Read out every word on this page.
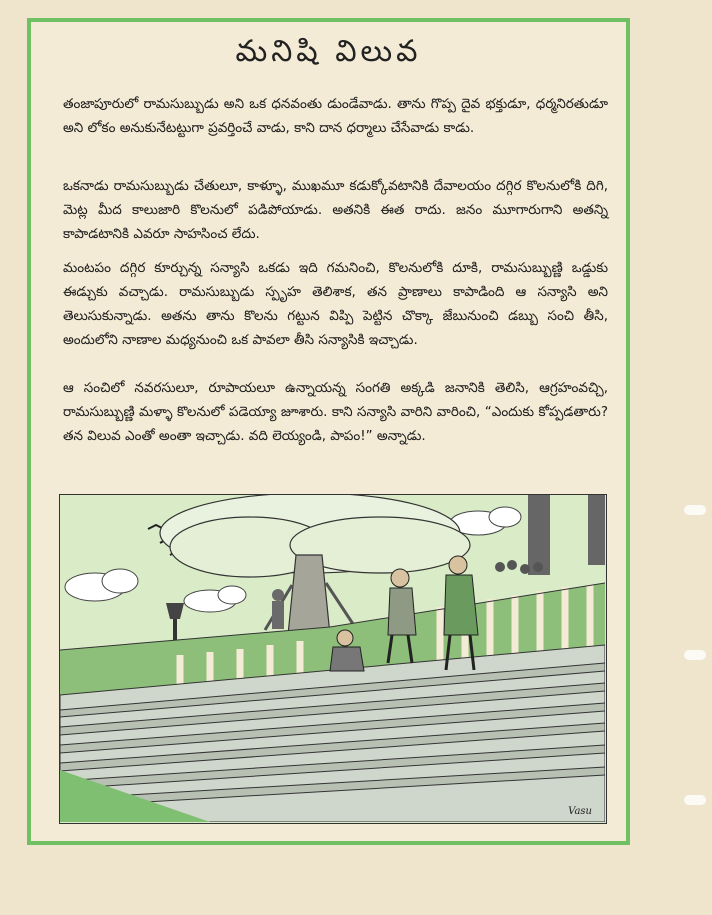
మనిషి విలువ

తంజాపూరులో రామసుబ్బుడు అని ఒక ధనవంతు డుండేవాడు. తాను గొప్ప దైవ భక్తుడూ, ధర్మనిరతుడూ అని లోకం అనుకునేటట్టుగా ప్రవర్తించే వాడు, కాని దాన ధర్మాలు చేసేవాడు కాడు.

ఒకనాడు రామసుబ్బుడు చేతులూ, కాళ్ళూ, ముఖమూ కడుక్కోవటానికి దేవాలయం దగ్గిర కొలనులోకి దిగి, మెట్ల మీద కాలుజారి కొలనులో పడిపోయాడు. అతనికి ఈత రాదు. జనం మూగారుగాని అతన్ని కాపాడటానికి ఎవరూ సాహసించ లేదు.

మంటపం దగ్గిర కూర్చున్న సన్యాసి ఒకడు ఇది గమనించి, కొలనులోకి దూకి, రామసుబ్బుణ్ణి ఒడ్డుకు ఈడ్చుకు వచ్చాడు. రామసుబ్బుడు స్పృహ తెలిశాక, తన ప్రాణాలు కాపాడింది ఆ సన్యాసి అని తెలుసుకున్నాడు. అతను తాను కొలను గట్టున విప్పి పెట్టిన చొక్కా జేబునుంచి డబ్బు సంచి తీసి, అందులోని నాణాల మధ్యనుంచి ఒక పావలా తీసి సన్యాసికి ఇచ్చాడు.

ఆ సంచిలో నవరసులూ, రూపాయలూ ఉన్నాయన్న సంగతి అక్కడి జనానికి తెలిసి, ఆగ్రహంవచ్చి, రామసుబ్బుణ్ణి మళ్ళా కొలనులో పడెయ్యా జూశారు. కాని సన్యాసి వారిని వారించి, “ఎందుకు కోప్పడతారు? తన విలువ ఎంతో అంతా ఇచ్చాడు. వది లెయ్యండి, పాపం!” అన్నాడు.

Vasu
